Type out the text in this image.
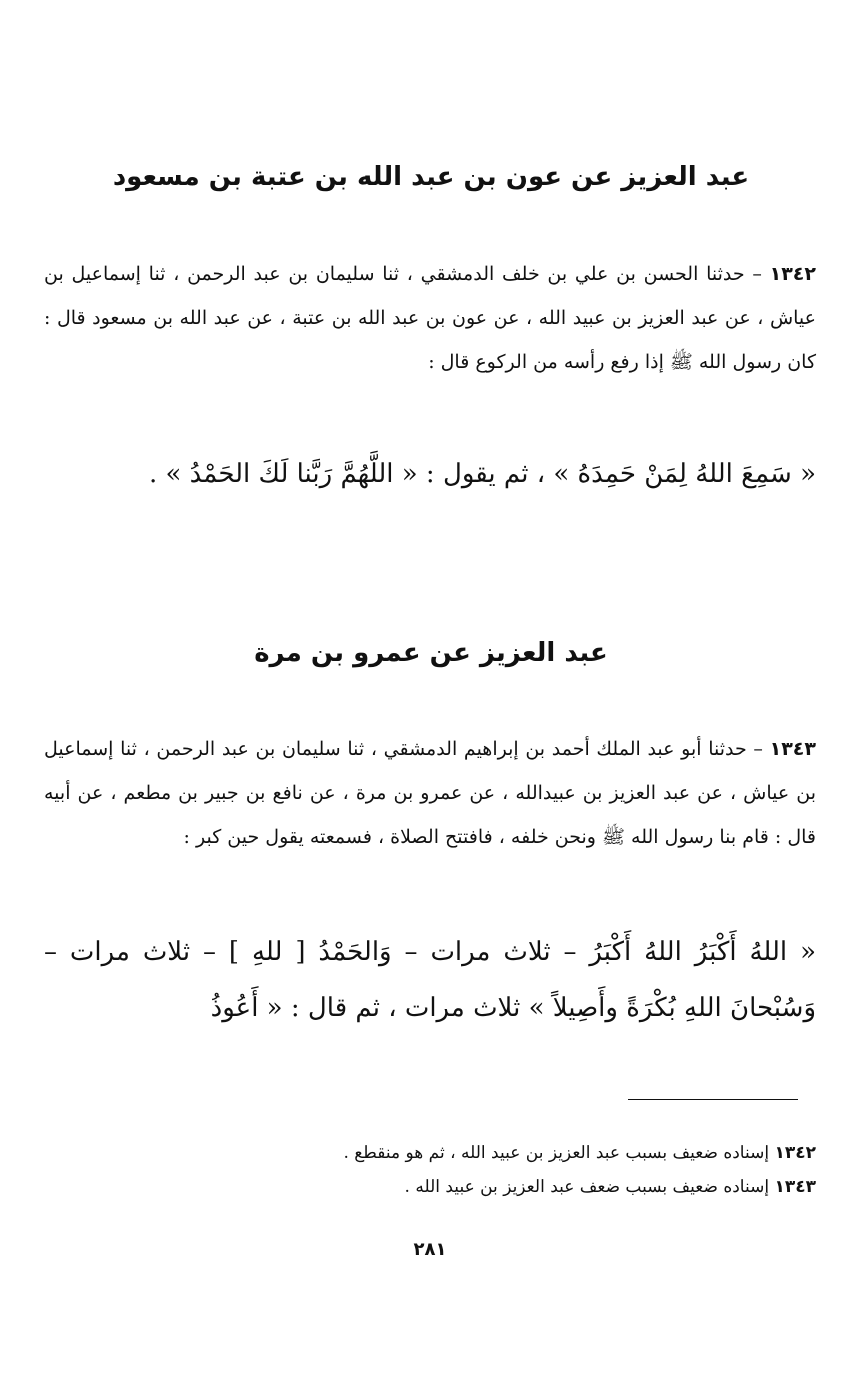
عبد العزيز عن عون بن عبد الله بن عتبة بن مسعود

١٣٤٢ – حدثنا الحسن بن علي بن خلف الدمشقي ، ثنا سليمان بن عبد الرحمن ، ثنا إسماعيل بن عياش ، عن عبد العزيز بن عبيد الله ، عن عون بن عبد الله بن عتبة ، عن عبد الله بن مسعود قال : كان رسول الله ﷺ إذا رفع رأسه من الركوع قال :

« سَمِعَ اللهُ لِمَنْ حَمِدَهُ » ، ثم يقول : « اللَّهُمَّ رَبَّنا لَكَ الحَمْدُ » .

عبد العزيز عن عمرو بن مرة

١٣٤٣ – حدثنا أبو عبد الملك أحمد بن إبراهيم الدمشقي ، ثنا سليمان بن عبد الرحمن ، ثنا إسماعيل بن عياش ، عن عبد العزيز بن عبيدالله ، عن عمرو بن مرة ، عن نافع بن جبير بن مطعم ، عن أبيه قال : قام بنا رسول الله ﷺ ونحن خلفه ، فافتتح الصلاة ، فسمعته يقول حين كبر :

« اللهُ أَكْبَرُ اللهُ أَكْبَرُ – ثلاث مرات – وَالحَمْدُ [ للهِ ] – ثلاث مرات – وَسُبْحانَ اللهِ بُكْرَةً وأَصِيلاً » ثلاث مرات ، ثم قال : « أَعُوذُ

١٣٤٢ إسناده ضعيف بسبب عبد العزيز بن عبيد الله ، ثم هو منقطع .
١٣٤٣ إسناده ضعيف بسبب ضعف عبد العزيز بن عبيد الله .
٢٨١
